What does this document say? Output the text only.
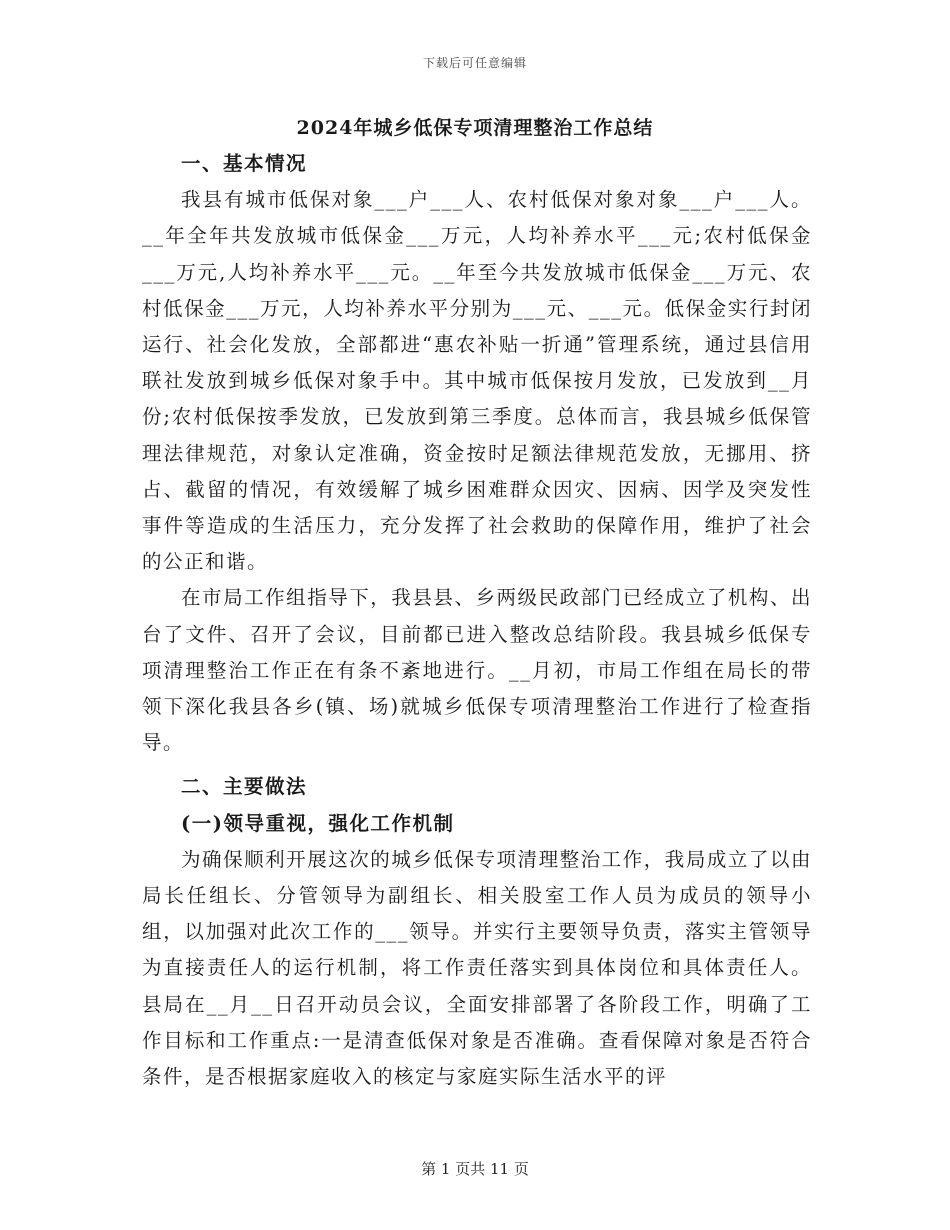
下载后可任意编辑
2024年城乡低保专项清理整治工作总结
一、基本情况

我县有城市低保对象___户___人、农村低保对象对象___户___人。__年全年共发放城市低保金___万元，人均补养水平___元;农村低保金___万元,人均补养水平___元。__年至今共发放城市低保金___万元、农村低保金___万元，人均补养水平分别为___元、___元。低保金实行封闭运行、社会化发放，全部都进“惠农补贴一折通”管理系统，通过县信用联社发放到城乡低保对象手中。其中城市低保按月发放，已发放到__月份;农村低保按季发放，已发放到第三季度。总体而言，我县城乡低保管理法律规范，对象认定准确，资金按时足额法律规范发放，无挪用、挤占、截留的情况，有效缓解了城乡困难群众因灾、因病、因学及突发性事件等造成的生活压力，充分发挥了社会救助的保障作用，维护了社会的公正和谐。

在市局工作组指导下，我县县、乡两级民政部门已经成立了机构、出台了文件、召开了会议，目前都已进入整改总结阶段。我县城乡低保专项清理整治工作正在有条不紊地进行。__月初，市局工作组在局长的带领下深化我县各乡(镇、场)就城乡低保专项清理整治工作进行了检查指导。

二、主要做法
(一)领导重视，强化工作机制

为确保顺利开展这次的城乡低保专项清理整治工作，我局成立了以由局长任组长、分管领导为副组长、相关股室工作人员为成员的领导小组，以加强对此次工作的___领导。并实行主要领导负责，落实主管领导为直接责任人的运行机制，将工作责任落实到具体岗位和具体责任人。县局在__月__日召开动员会议，全面安排部署了各阶段工作，明确了工作目标和工作重点:一是清查低保对象是否准确。查看保障对象是否符合条件，是否根据家庭收入的核定与家庭实际生活水平的评

第 1 页共 11 页
